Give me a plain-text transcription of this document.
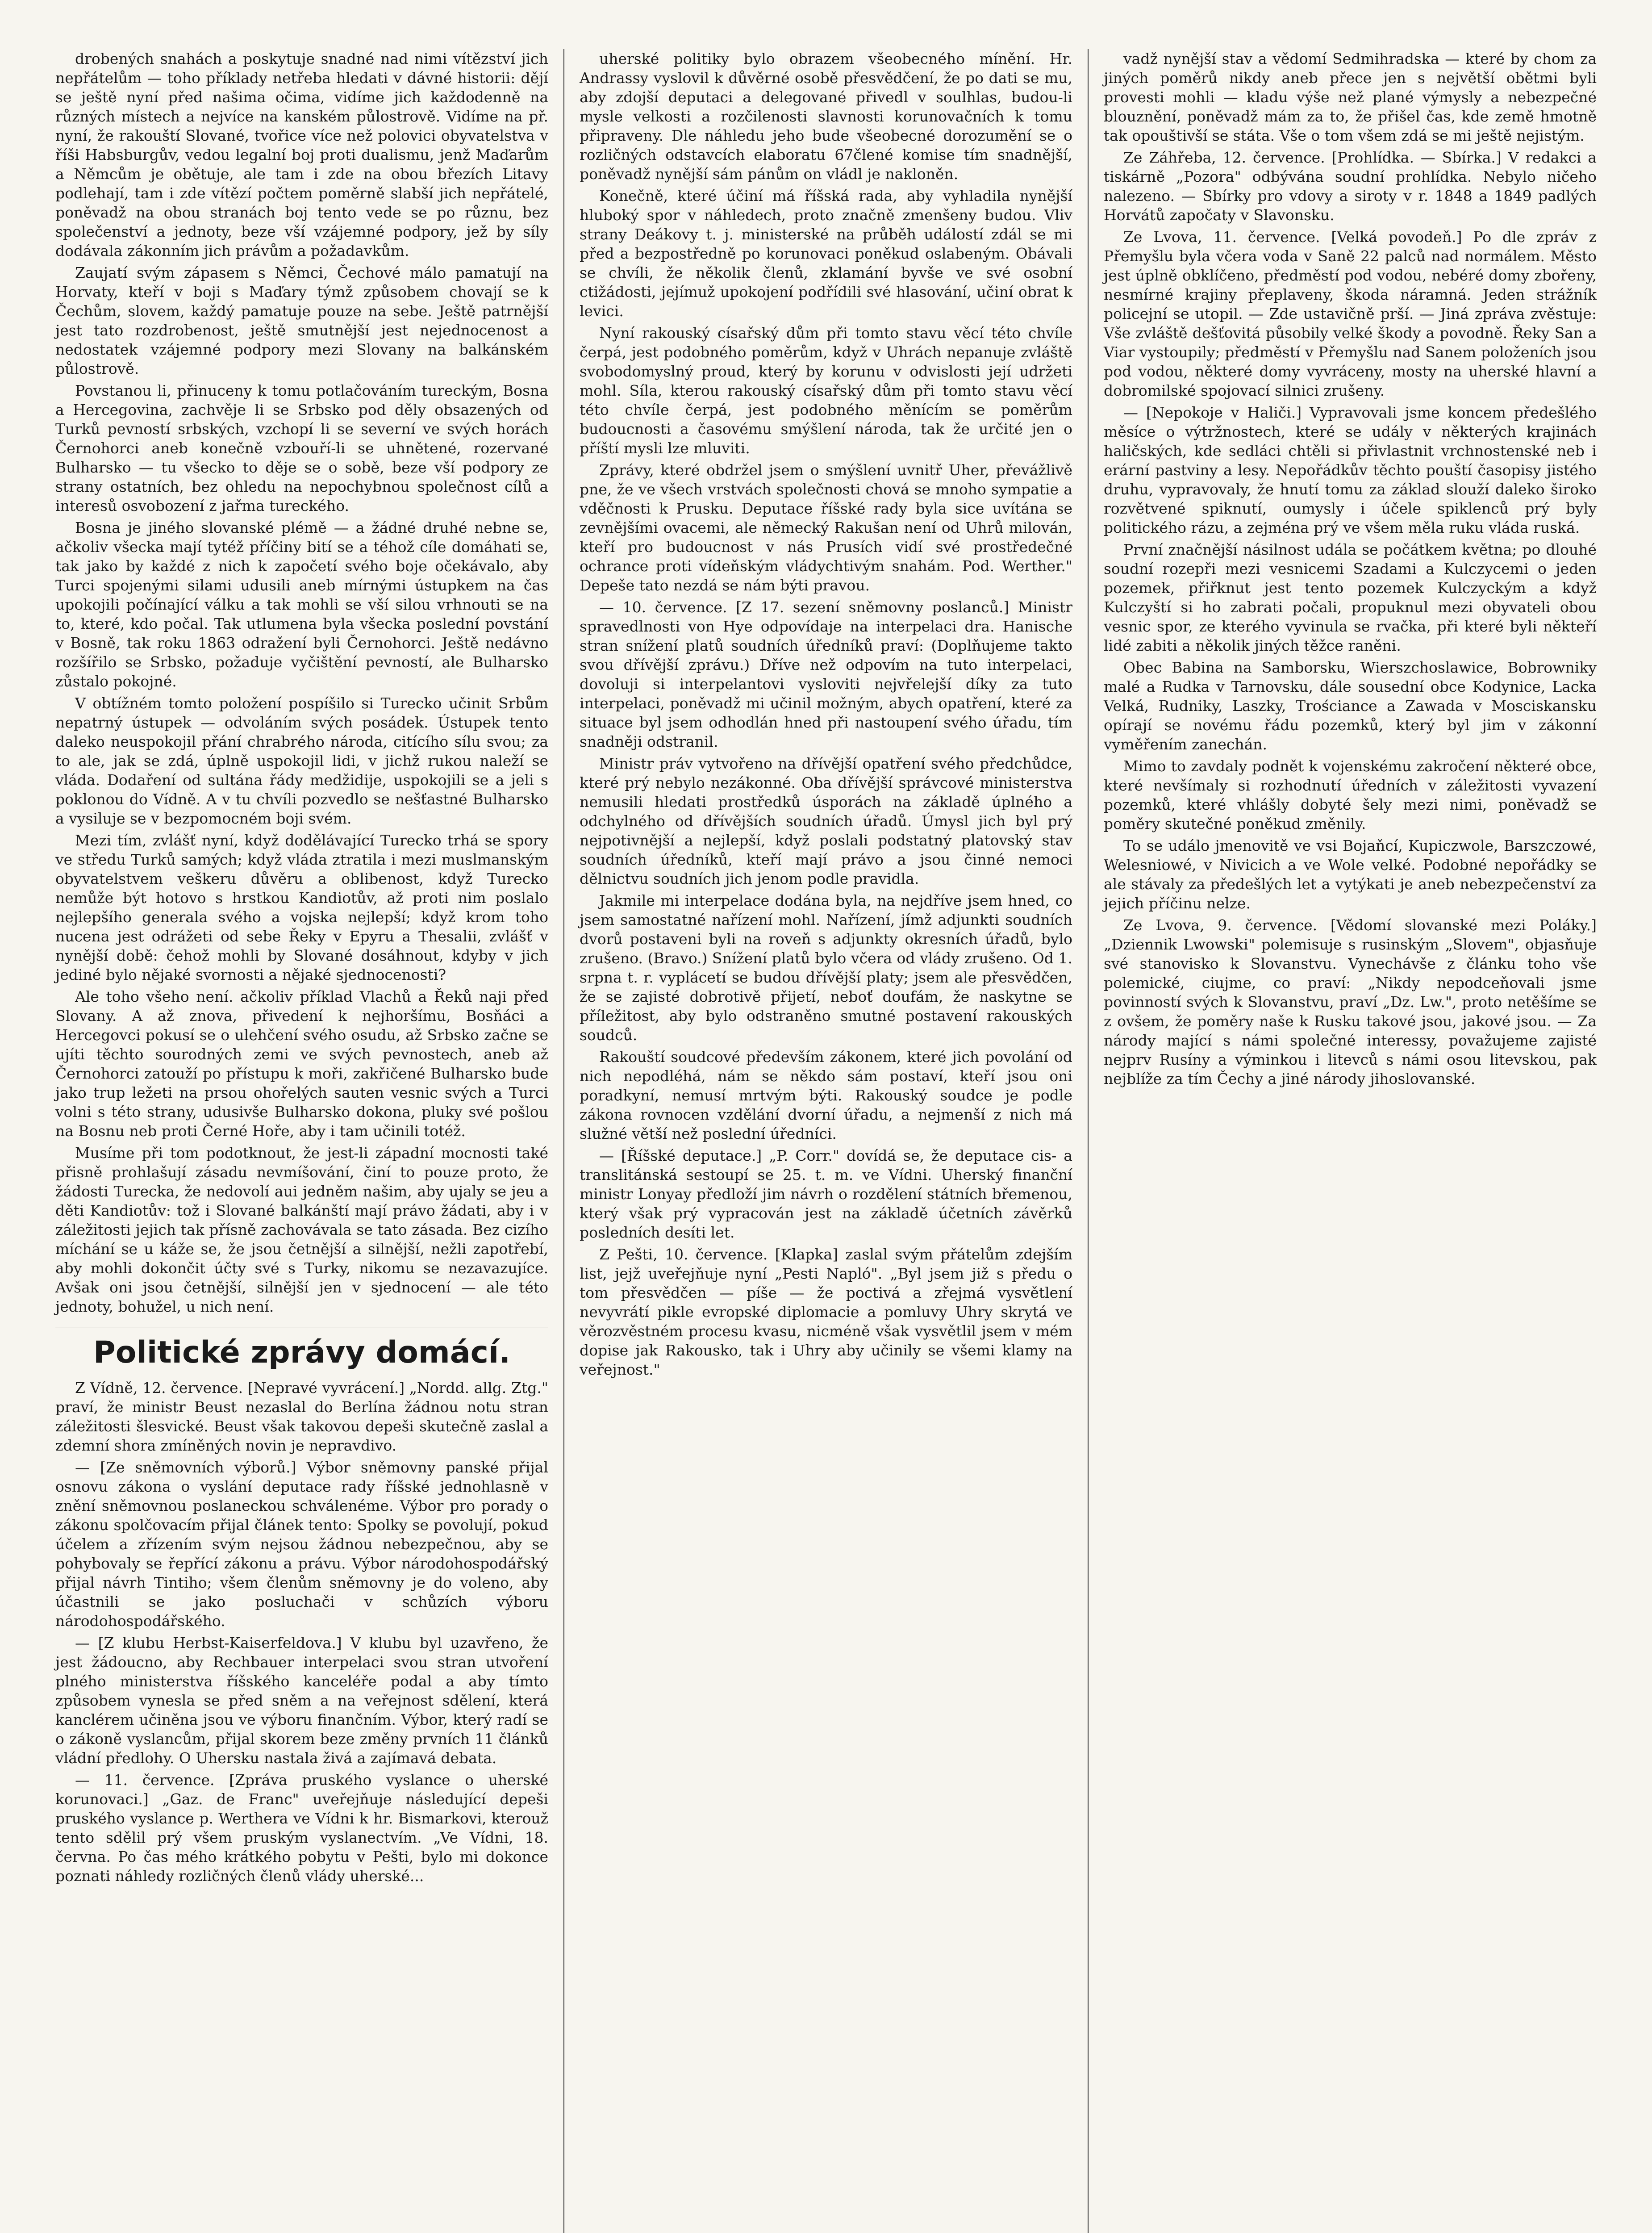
drobených snahách a poskytuje snadné nad nimi vítězství jich nepřátelům — toho příklady netřeba hledati v dávné historii: dějí se ještě nyní před našima očima, vidíme jich každodenně na různých místech a nejvíce na kanském půlostrově. Vidíme na př. nyní, že rakouští Slované, tvořice více než polovici obyvatelstva v říši Habsburgův, vedou legalní boj proti dualismu, jenž Maďarům a Němcům je obětuje, ale tam i zde na obou březích Litavy podlehají, tam i zde vítězí počtem poměrně slabší jich nepřátelé, poněvadž na obou stranách boj tento vede se po různu, bez společenství a jednoty, beze vší vzájemné podpory, jež by síly dodávala zákonním jich právům a požadavkům.

Zaujatí svým zápasem s Němci, Čechové málo pamatují na Horvaty, kteří v boji s Maďary týmž způsobem chovají se k Čechům, slovem, každý pamatuje pouze na sebe. Ještě patrnější jest tato rozdrobenost, ještě smutnější jest nejednocenost a nedostatek vzájemné podpory mezi Slovany na balkánském půlostrově.

Povstanou li, přinuceny k tomu potlačováním tureckým, Bosna a Hercegovina, zachvěje li se Srbsko pod děly obsazených od Turků pevností srbských, vzchopí li se severní ve svých horách Černohorci aneb konečně vzbouří-li se uhnětené, rozervané Bulharsko — tu všecko to děje se o sobě, beze vší podpory ze strany ostatních, bez ohledu na nepochybnou společnost cílů a interesů osvobození z jařma tureckého.

Bosna je jiného slovanské plémě — a žádné druhé nebne se, ačkoliv všecka mají tytéž příčiny bití se a téhož cíle domáhati se, tak jako by každé z nich k započetí svého boje očekávalo, aby Turci spojenými silami udusili aneb mírnými ústupkem na čas upokojili počínající válku a tak mohli se vší silou vrhnouti se na to, které, kdo počal. Tak utlumena byla všecka poslední povstání v Bosně, tak roku 1863 odražení byli Černohorci. Ještě nedávno rozšířilo se Srbsko, požaduje vyčištění pevností, ale Bulharsko zůstalo pokojné.

V obtížném tomto položení pospíšilo si Turecko učinit Srbům nepatrný ústupek — odvoláním svých posádek. Ústupek tento daleko neuspokojil přání chrabrého národa, citícího sílu svou; za to ale, jak se zdá, úplně uspokojil lidi, v jichž rukou naleží se vláda. Dodaření od sultána řády medžidije, uspokojili se a jeli s poklonou do Vídně. A v tu chvíli pozvedlo se nešťastné Bulharsko a vysiluje se v bezpomocném boji svém.

Mezi tím, zvlášť nyní, když dodělávající Turecko trhá se spory ve středu Turků samých; když vláda ztratila i mezi muslmanským obyvatelstvem veškeru důvěru a oblibenost, když Turecko nemůže být hotovo s hrstkou Kandiotův, až proti nim poslalo nejlepšího generala svého a vojska nejlepší; když krom toho nucena jest odrážeti od sebe Řeky v Epyru a Thesalii, zvlášť v nynější době: čehož mohli by Slované dosáhnout, kdyby v jich jediné bylo nějaké svornosti a nějaké sjednocenosti?

Ale toho všeho není. ačkoliv příklad Vlachů a Řeků naji před Slovany. A až znova, přivedení k nejhoršímu, Bosňáci a Hercegovci pokusí se o ulehčení svého osudu, až Srbsko začne se ujíti těchto sourodných zemi ve svých pevnostech, aneb až Černohorci zatouží po přístupu k moři, zakřičené Bulharsko bude jako trup ležeti na prsou ohořelých sauten vesnic svých a Turci volni s této strany, udusivše Bulharsko dokona, pluky své pošlou na Bosnu neb proti Černé Hoře, aby i tam učinili totéž.

Musíme při tom podotknout, že jest-li západní mocnosti také přisně prohlašují zásadu nevmíšování, činí to pouze proto, že žádosti Turecka, že nedovolí aui jedněm našim, aby ujaly se jeu a děti Kandiotův: tož i Slované balkánští mají právo žádati, aby i v záležitosti jejich tak přísně zachovávala se tato zásada. Bez cizího míchání se u káže se, že jsou četnější a silnější, nežli zapotřebí, aby mohli dokončit účty své s Turky, nikomu se nezavazujíce. Avšak oni jsou četnější, silnější jen v sjednocení — ale této jednoty, bohužel, u nich není.

Politické zprávy domácí.

Z Vídně, 12. července. [Nepravé vyvrácení.] „Nordd. allg. Ztg." praví, že ministr Beust nezaslal do Berlína žádnou notu stran záležitosti šlesvické. Beust však takovou depeši skutečně zaslal a zdemní shora zmíněných novin je nepravdivo.

— [Ze sněmovních výborů.] Výbor sněmovny panské přijal osnovu zákona o vyslání deputace rady říšské jednohlasně v znění sněmovnou poslaneckou schválenéme. Výbor pro porady o zákonu spolčovacím přijal článek tento: Spolky se povolují, pokud účelem a zřízením svým nejsou žádnou nebezpečnou, aby se pohybovaly se řepřící zákonu a právu. Výbor národohospodářský přijal návrh Tintiho; všem členům sněmovny je do voleno, aby účastnili se jako posluchači v schůzích výboru národohospodářského.

— [Z klubu Herbst-Kaiserfeldova.] V klubu byl uzavřeno, že jest žádoucno, aby Rechbauer interpelaci svou stran utvoření plného ministerstva říšského kanceléře podal a aby tímto způsobem vynesla se před sněm a na veřejnost sdělení, která kanclérem učiněna jsou ve výboru finančním. Výbor, který radí se o zákoně vyslancům, přijal skorem beze změny prvních 11 článků vládní předlohy. O Uhersku nastala živá a zajímavá debata.

— 11. července. [Zpráva pruského vyslance o uherské korunovaci.] „Gaz. de Franc" uveřejňuje následující depeši pruského vyslance p. Werthera ve Vídni k hr. Bismarkovi, kterouž tento sdělil prý všem pruským vyslanectvím. „Ve Vídni, 18. června. Po čas mého krátkého pobytu v Pešti, bylo mi dokonce poznati náhledy rozličných členů vlády uherské...

uherské politiky bylo obrazem všeobecného mínění. Hr. Andrassy vyslovil k důvěrné osobě přesvědčení, že po dati se mu, aby zdojší deputaci a delegované přivedl v soulhlas, budou-li mysle velkosti a rozčilenosti slavnosti korunovačních k tomu připraveny. Dle náhledu jeho bude všeobecné dorozumění se o rozličných odstavcích elaboratu 67člené komise tím snadnější, poněvadž nynější sám pánům on vládl je nakloněn.

Konečně, které účiní má říšská rada, aby vyhladila nynější hluboký spor v náhledech, proto značně zmenšeny budou. Vliv strany Deákovy t. j. ministerské na průběh událostí zdál se mi před a bezpostředně po korunovaci poněkud oslabeným. Obávali se chvíli, že několik členů, zklamání byvše ve své osobní ctižádosti, jejímuž upokojení podřídili své hlasování, učiní obrat k levici.

Nyní rakouský císařský dům při tomto stavu věcí této chvíle čerpá, jest podobného poměrům, když v Uhrách nepanuje zvláště svobodomyslný proud, který by korunu v odvislosti její udržeti mohl. Síla, kterou rakouský císařský dům při tomto stavu věcí této chvíle čerpá, jest podobného měnícím se poměrům budoucnosti a časovému smýšlení národa, tak že určité jen o příští mysli lze mluviti.

Zprávy, které obdržel jsem o smýšlení uvnitř Uher, převážlivě pne, že ve všech vrstvách společnosti chová se mnoho sympatie a vděčnosti k Prusku. Deputace říšské rady byla sice uvítána se zevnějšími ovacemi, ale německý Rakušan není od Uhrů milován, kteří pro budoucnost v nás Prusích vidí své prostředečné ochrance proti vídeňským vládychtivým snahám. Pod. Werther." Depeše tato nezdá se nám býti pravou.

— 10. července. [Z 17. sezení sněmovny poslanců.] Ministr spravedlnosti von Hye odpovídaje na interpelaci dra. Hanische stran snížení platů soudních úředníků praví: (Doplňujeme takto svou dřívější zprávu.) Dříve než odpovím na tuto interpelaci, dovoluji si interpelantovi vysloviti nejvřelejší díky za tuto interpelaci, poněvadž mi učinil možným, abych opatření, které za situace byl jsem odhodlán hned při nastoupení svého úřadu, tím snadněji odstranil.

Ministr práv vytvořeno na dřívější opatření svého předchůdce, které prý nebylo nezákonné. Oba dřívější správcové ministerstva nemusili hledati prostředků úsporách na základě úplného a odchylného od dřívějších soudních úřadů. Úmysl jich byl prý nejpotivnější a nejlepší, když poslali podstatný platovský stav soudních úředníků, kteří mají právo a jsou činné nemoci dělnictvu soudních jich jenom podle pravidla.

Jakmile mi interpelace dodána byla, na nejdříve jsem hned, co jsem samostatné nařízení mohl. Nařízení, jímž adjunkti soudních dvorů postaveni byli na roveň s adjunkty okresních úřadů, bylo zrušeno. (Bravo.) Snížení platů bylo včera od vlády zrušeno. Od 1. srpna t. r. vyplácetí se budou dřívější platy; jsem ale přesvědčen, že se zajisté dobrotivě přijetí, neboť doufám, že naskytne se příležitost, aby bylo odstraněno smutné postavení rakouských soudců.

Rakouští soudcové především zákonem, které jich povolání od nich nepodléhá, nám se někdo sám postaví, kteří jsou oni poradkyní, nemusí mrtvým býti. Rakouský soudce je podle zákona rovnocen vzdělání dvorní úřadu, a nejmenší z nich má služné větší než poslední úředníci.

— [Říšské deputace.] „P. Corr." dovídá se, že deputace cis- a translitánská sestoupí se 25. t. m. ve Vídni. Uherský finanční ministr Lonyay předloží jim návrh o rozdělení státních břemenou, který však prý vypracován jest na základě účetních závěrků posledních desíti let.

Z Pešti, 10. července. [Klapka] zaslal svým přátelům zdejším list, jejž uveřejňuje nyní „Pesti Napló". „Byl jsem již s předu o tom přesvědčen — píše — že poctivá a zřejmá vysvětlení nevyvrátí pikle evropské diplomacie a pomluvy Uhry skrytá ve věrozvěstném procesu kvasu, nicméně však vysvětlil jsem v mém dopise jak Rakousko, tak i Uhry aby učinily se všemi klamy na veřejnost."

vadž nynější stav a vědomí Sedmihradska — které by chom za jiných poměrů nikdy aneb přece jen s největší obětmi byli provesti mohli — kladu výše než plané výmysly a nebezpečné blouznění, poněvadž mám za to, že přišel čas, kde země hmotně tak opouštivší se státa. Vše o tom všem zdá se mi ještě nejistým.

Ze Záhřeba, 12. července. [Prohlídka. — Sbírka.] V redakci a tiskárně „Pozora" odbývána soudní prohlídka. Nebylo ničeho nalezeno. — Sbírky pro vdovy a siroty v r. 1848 a 1849 padlých Horvátů započaty v Slavonsku.

Ze Lvova, 11. července. [Velká povodeň.] Po dle zpráv z Přemyšlu byla včera voda v Saně 22 palců nad normálem. Město jest úplně obklíčeno, předměstí pod vodou, nebéré domy zbořeny, nesmírné krajiny přeplaveny, škoda náramná. Jeden strážník policejní se utopil. — Zde ustavičně prší. — Jiná zpráva zvěstuje: Vše zvláště dešťovitá působily velké škody a povodně. Řeky San a Viar vystoupily; předměstí v Přemyšlu nad Sanem položeních jsou pod vodou, některé domy vyvráceny, mosty na uherské hlavní a dobromilské spojovací silnici zrušeny.

— [Nepokoje v Haliči.] Vypravovali jsme koncem předešlého měsíce o výtržnostech, které se udály v některých krajinách haličských, kde sedláci chtěli si přivlastnit vrchnostenské neb i erární pastviny a lesy. Nepořádkův těchto pouští časopisy jistého druhu, vypravovaly, že hnutí tomu za základ slouží daleko široko rozvětvené spiknutí, oumysly i účele spiklenců prý byly politického rázu, a zejména prý ve všem měla ruku vláda ruská.

První značnější násilnost udála se počátkem května; po dlouhé soudní rozepři mezi vesnicemi Szadami a Kulczycemi o jeden pozemek, přiřknut jest tento pozemek Kulczyckým a když Kulczyští si ho zabrati počali, propuknul mezi obyvateli obou vesnic spor, ze kterého vyvinula se rvačka, při které byli někteří lidé zabiti a několik jiných těžce raněni.

Obec Babina na Samborsku, Wierszchoslawice, Bobrowniky malé a Rudka v Tarnovsku, dále sousední obce Kodynice, Lacka Velká, Rudniky, Laszky, Trościance a Zawada v Mosciskansku opírají se novému řádu pozemků, který byl jim v zákonní vyměřením zanechán.

Mimo to zavdaly podnět k vojenskému zakročení některé obce, které nevšímaly si rozhodnutí úředních v záležitosti vyvazení pozemků, které vhlášly dobyté šely mezi nimi, poněvadž se poměry skutečné poněkud změnily.

To se událo jmenovitě ve vsi Bojaňcí, Kupiczwole, Barszczowé, Welesniowé, v Nivicich a ve Wole velké. Podobné nepořádky se ale stávaly za předešlých let a vytýkati je aneb nebezpečenství za jejich příčinu nelze.

Ze Lvova, 9. července. [Vědomí slovanské mezi Poláky.] „Dziennik Lwowski" polemisuje s rusinským „Slovem", objasňuje své stanovisko k Slovanstvu. Vynechávše z článku toho vše polemické, ciujme, co praví: „Nikdy nepodceňovali jsme povinností svých k Slovanstvu, praví „Dz. Lw.", proto netěšíme se z ovšem, že poměry naše k Rusku takové jsou, jakové jsou. — Za národy mající s námi společné interessy, považujeme zajisté nejprv Rusíny a výminkou i litevců s námi osou litevskou, pak nejblíže za tím Čechy a jiné národy jihoslovanské.
